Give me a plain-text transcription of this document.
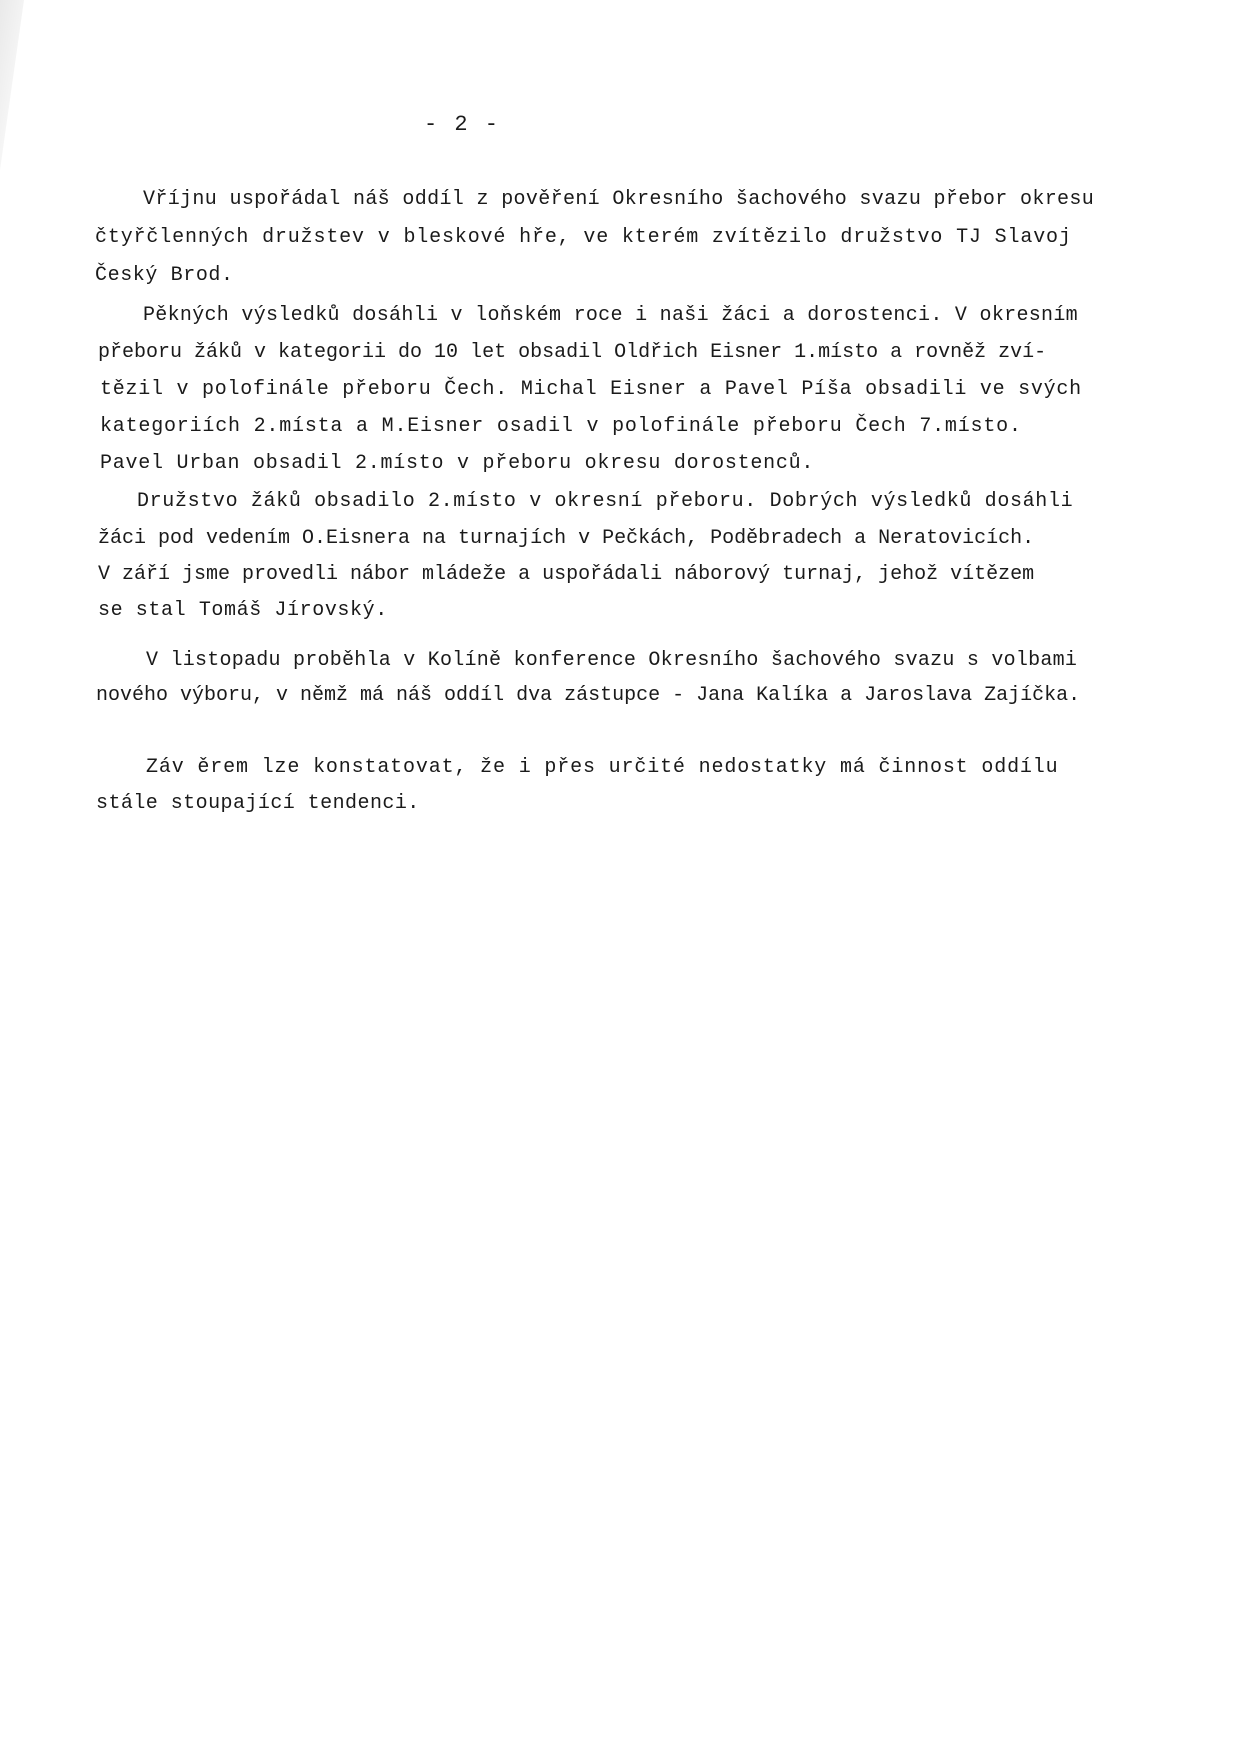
- 2 -
Vříjnu uspořádal náš oddíl z pověření Okresního šachového svazu přebor okresu
čtyřčlenných družstev v bleskové hře, ve kterém zvítězilo družstvo TJ Slavoj
Český Brod.
Pěkných výsledků dosáhli v loňském roce i naši žáci a dorostenci. V okresním
přeboru žáků v kategorii do 10 let obsadil Oldřich Eisner 1.místo a rovněž zví-
tězil v polofinále přeboru Čech. Michal Eisner a Pavel Píša obsadili ve svých
kategoriích 2.místa a M.Eisner osadil v polofinále přeboru Čech 7.místo.
Pavel Urban obsadil 2.místo v přeboru okresu dorostenců.
Družstvo žáků obsadilo 2.místo v okresní přeboru. Dobrých výsledků dosáhli
žáci pod vedením O.Eisnera na turnajích v Pečkách, Poděbradech a Neratovicích.
V září jsme provedli nábor mládeže a uspořádali náborový turnaj, jehož vítězem
se stal Tomáš Jírovský.
V listopadu proběhla v Kolíně konference Okresního šachového svazu s volbami
nového výboru, v němž má náš oddíl dva zástupce - Jana Kalíka a Jaroslava Zajíčka.
Záv ěrem lze konstatovat, že i přes určité nedostatky má činnost oddílu
stále stoupající tendenci.
